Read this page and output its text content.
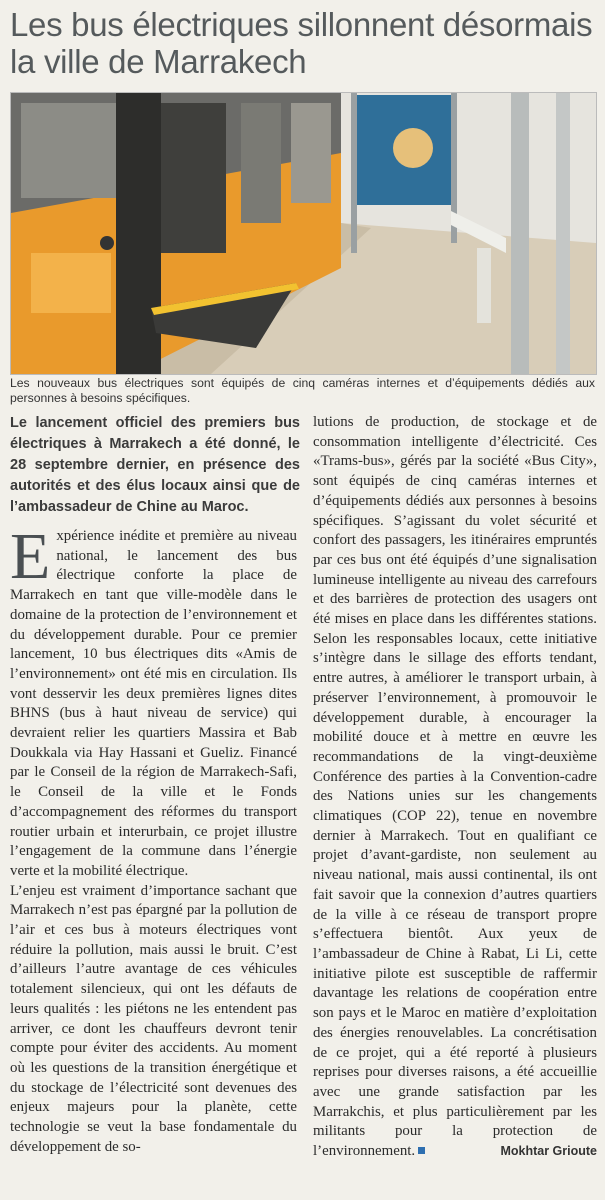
Les bus électriques sillonnent désormais la ville de Marrakech
Les nouveaux bus électriques sont équipés de cinq caméras internes et d’équipements dédiés aux personnes à besoins spécifiques.
Le lancement officiel des premiers bus électriques à Marrakech a été donné, le 28 septembre dernier, en présence des autorités et des élus locaux ainsi que de l’ambassadeur de Chine au Maroc.

Expérience inédite et première au niveau national, le lancement des bus électrique conforte la place de Marrakech en tant que ville-modèle dans le domaine de la protection de l’environnement et du développement durable. Pour ce premier lancement, 10 bus électriques dits «Amis de l’environnement» ont été mis en circulation. Ils vont desservir les deux premières lignes dites BHNS (bus à haut niveau de service) qui devraient relier les quartiers Massira et Bab Doukkala via Hay Hassani et Gueliz. Financé par le Conseil de la région de Marrakech-Safi, le Conseil de la ville et le Fonds d’accompagnement des réformes du transport routier urbain et interurbain, ce projet illustre l’engagement de la commune dans l’énergie verte et la mobilité électrique.

L’enjeu est vraiment d’importance sachant que Marrakech n’est pas épargné par la pollution de l’air et ces bus à moteurs électriques vont réduire la pollution, mais aussi le bruit. C’est d’ailleurs l’autre avantage de ces véhicules totalement silencieux, qui ont les défauts de leurs qualités : les piétons ne les entendent pas arriver, ce dont les chauffeurs devront tenir compte pour éviter des accidents. Au moment où les questions de la transition énergétique et du stockage de l’électricité sont devenues des enjeux majeurs pour la planète, cette technologie se veut la base fondamentale du développement de so-

lutions de production, de stockage et de consommation intelligente d’électricité. Ces «Trams-bus», gérés par la société «Bus City», sont équipés de cinq caméras internes et d’équipements dédiés aux personnes à besoins spécifiques. S’agissant du volet sécurité et confort des passagers, les itinéraires empruntés par ces bus ont été équipés d’une signalisation lumineuse intelligente au niveau des carrefours et des barrières de protection des usagers ont été mises en place dans les différentes stations. Selon les responsables locaux, cette initiative s’intègre dans le sillage des efforts tendant, entre autres, à améliorer le transport urbain, à préserver l’environnement, à promouvoir le développement durable, à encourager la mobilité douce et à mettre en œuvre les recommandations de la vingt-deuxième Conférence des parties à la Convention-cadre des Nations unies sur les changements climatiques (COP 22), tenue en novembre dernier à Marrakech. Tout en qualifiant ce projet d’avant-gardiste, non seulement au niveau national, mais aussi continental, ils ont fait savoir que la connexion d’autres quartiers de la ville à ce réseau de transport propre s’effectuera bientôt. Aux yeux de l’ambassadeur de Chine à Rabat, Li Li, cette initiative pilote est susceptible de raffermir davantage les relations de coopération entre son pays et le Maroc en matière d’exploitation des énergies renouvelables. La concrétisation de ce projet, qui a été reporté à plusieurs reprises pour diverses raisons, a été accueillie avec une grande satisfaction par les Marrakchis, et plus particulièrement par les militants pour la protection de l’environnement.	Mokhtar Grioute
